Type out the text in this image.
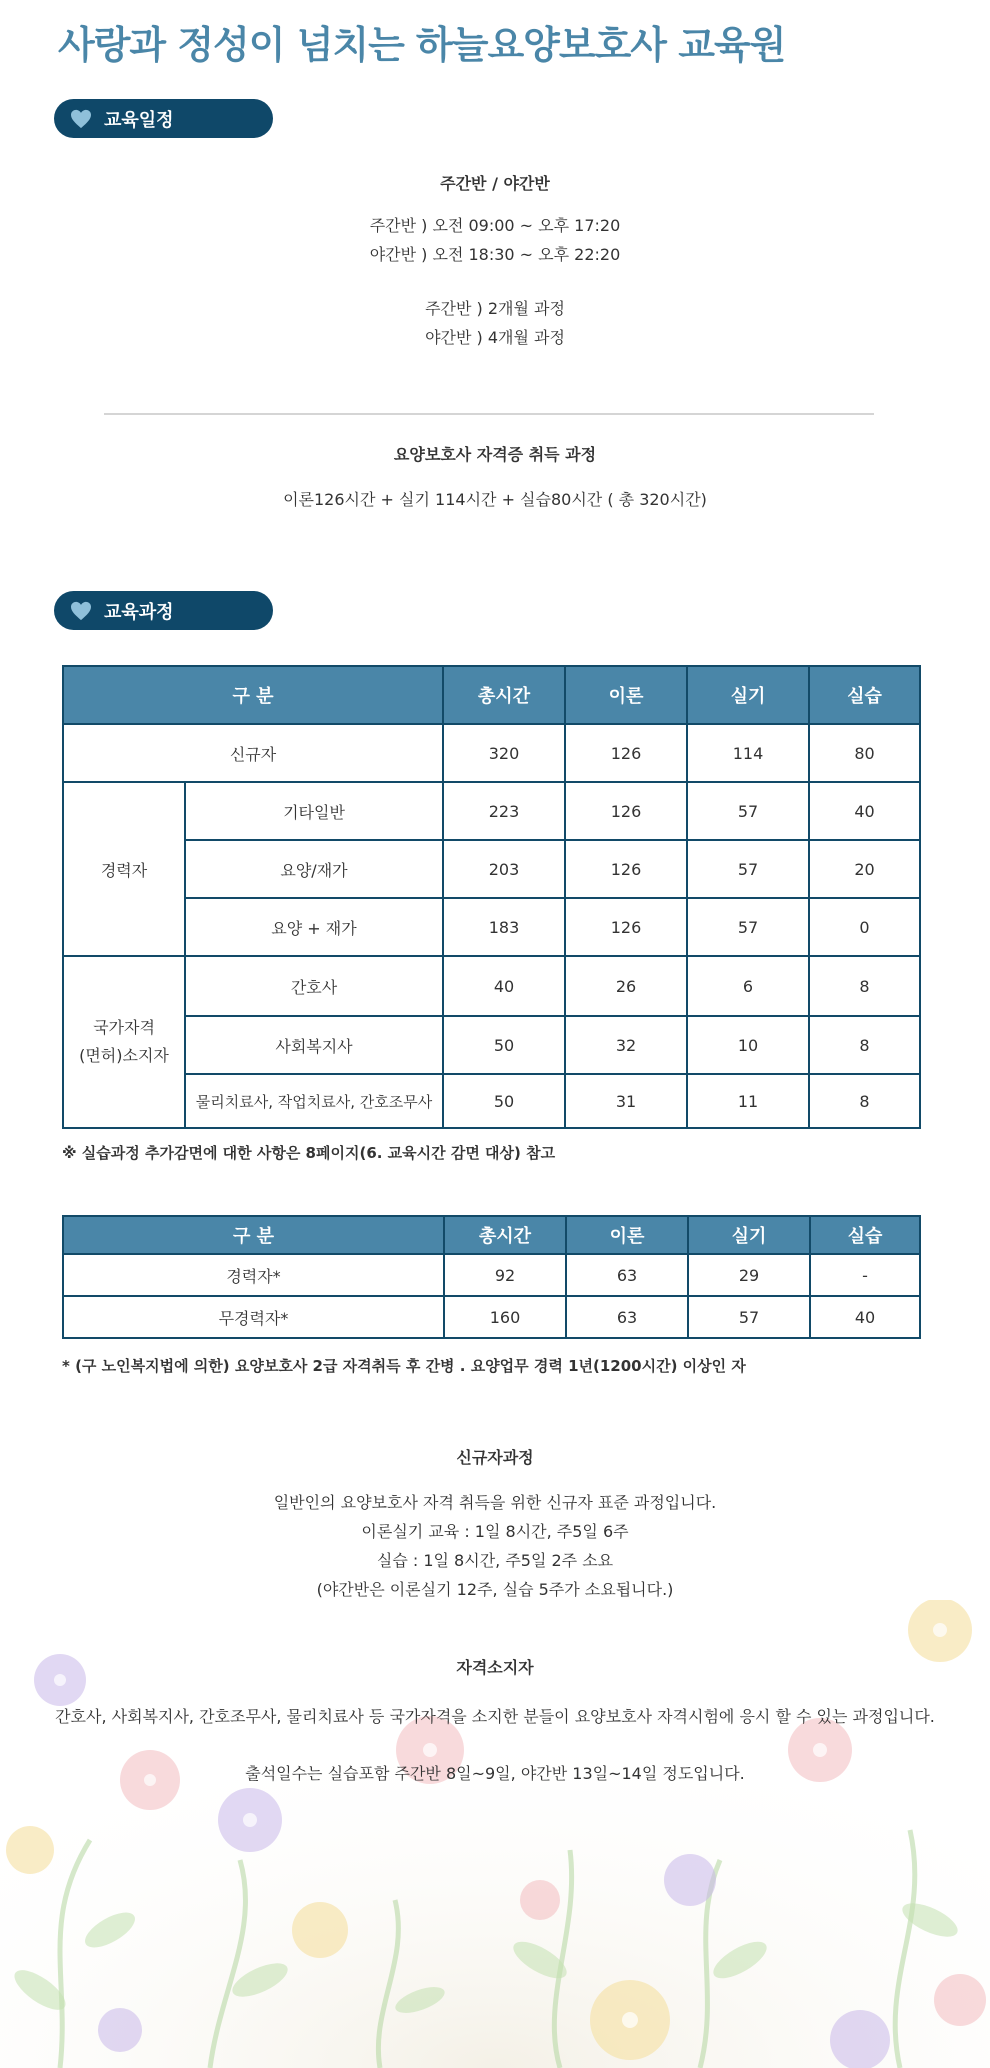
사랑과 정성이 넘치는 하늘요양보호사 교육원
교육일정
주간반 / 야간반
주간반 ) 오전 09:00 ~ 오후 17:20
야간반 ) 오전 18:30 ~ 오후 22:20
주간반 ) 2개월 과정
야간반 ) 4개월 과정
요양보호사 자격증 취득 과정
이론126시간 + 실기 114시간 + 실습80시간 ( 총 320시간)
교육과정
구 분		총시간	이론	실기	실습
신규자		320	126	114	80
경력자	기타일반	223	126	57	40
	요양/재가	203	126	57	20
	요양 + 재가	183	126	57	0
국가자격
(면허)소지자	간호사	40	26	6	8
	사회복지사	50	32	10	8
	물리치료사, 작업치료사, 간호조무사	50	31	11	8
※ 실습과정 추가감면에 대한 사항은 8페이지(6. 교육시간 감면 대상) 참고
구 분	총시간	이론	실기	실습
경력자*	92	63	29	-
무경력자*	160	63	57	40
* (구 노인복지법에 의한) 요양보호사 2급 자격취득 후 간병 . 요양업무 경력 1년(1200시간) 이상인 자
신규자과정
일반인의 요양보호사 자격 취득을 위한 신규자 표준 과정입니다.
이론실기 교육 : 1일 8시간, 주5일 6주
실습 : 1일 8시간, 주5일 2주 소요
(야간반은 이론실기 12주, 실습 5주가 소요됩니다.)
자격소지자
간호사, 사회복지사, 간호조무사, 물리치료사 등 국가자격을 소지한 분들이 요양보호사 자격시험에 응시 할 수 있는 과정입니다.
출석일수는 실습포함 주간반 8일~9일, 야간반 13일~14일 정도입니다.
